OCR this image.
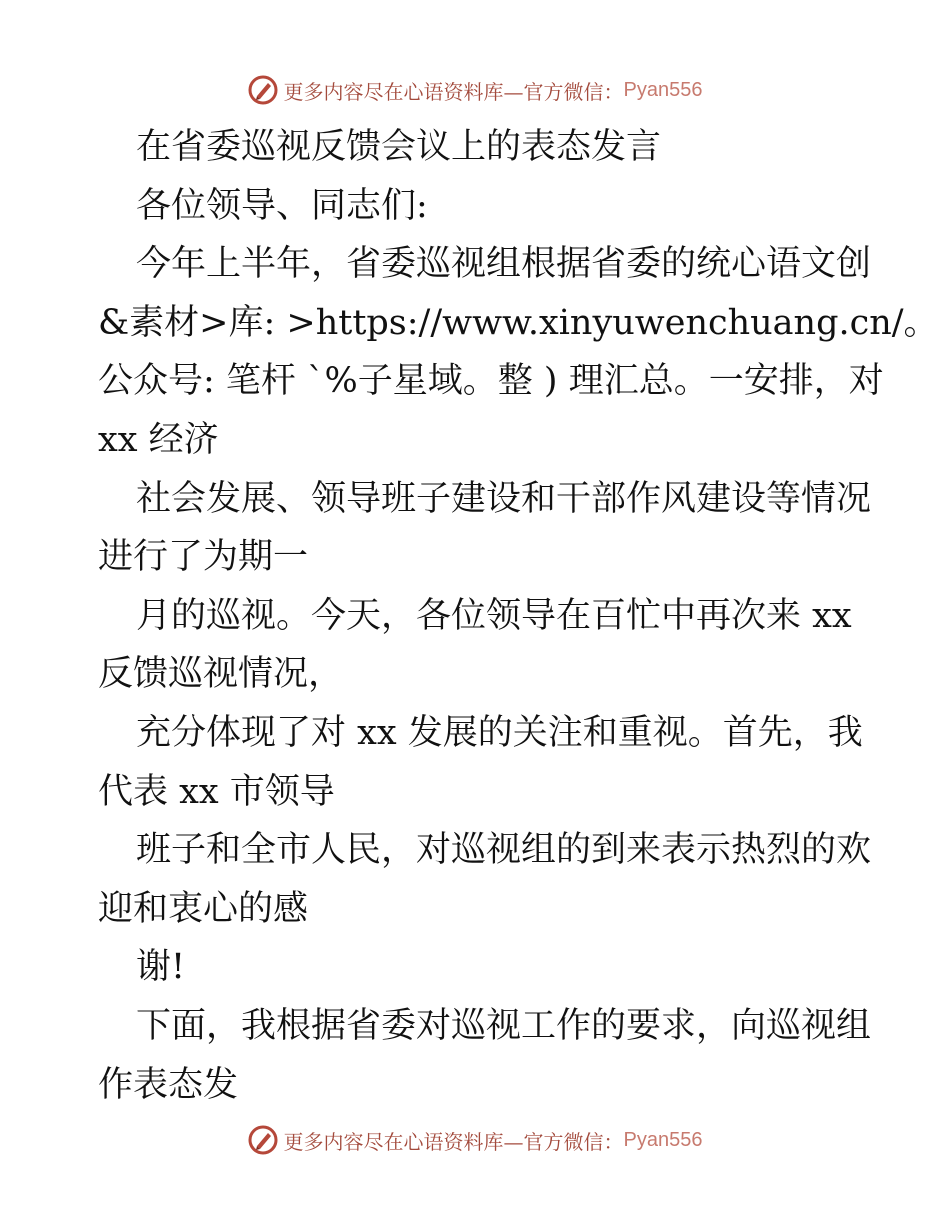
更多内容尽在心语资料库—官方微信： Pyan556
在省委巡视反馈会议上的表态发言
各位领导、同志们:
今年上半年，省委巡视组根据省委的统心语文创
&素材>库: >https://www.xinyuwenchuang.cn/。
公众号: 笔杆 `%子星域。整 ) 理汇总。一安排，对
xx 经济
社会发展、领导班子建设和干部作风建设等情况
进行了为期一
月的巡视。今天，各位领导在百忙中再次来 xx
反馈巡视情况，
充分体现了对 xx 发展的关注和重视。首先，我
代表 xx 市领导
班子和全市人民，对巡视组的到来表示热烈的欢
迎和衷心的感
谢!
下面，我根据省委对巡视工作的要求，向巡视组
作表态发
更多内容尽在心语资料库—官方微信： Pyan556
